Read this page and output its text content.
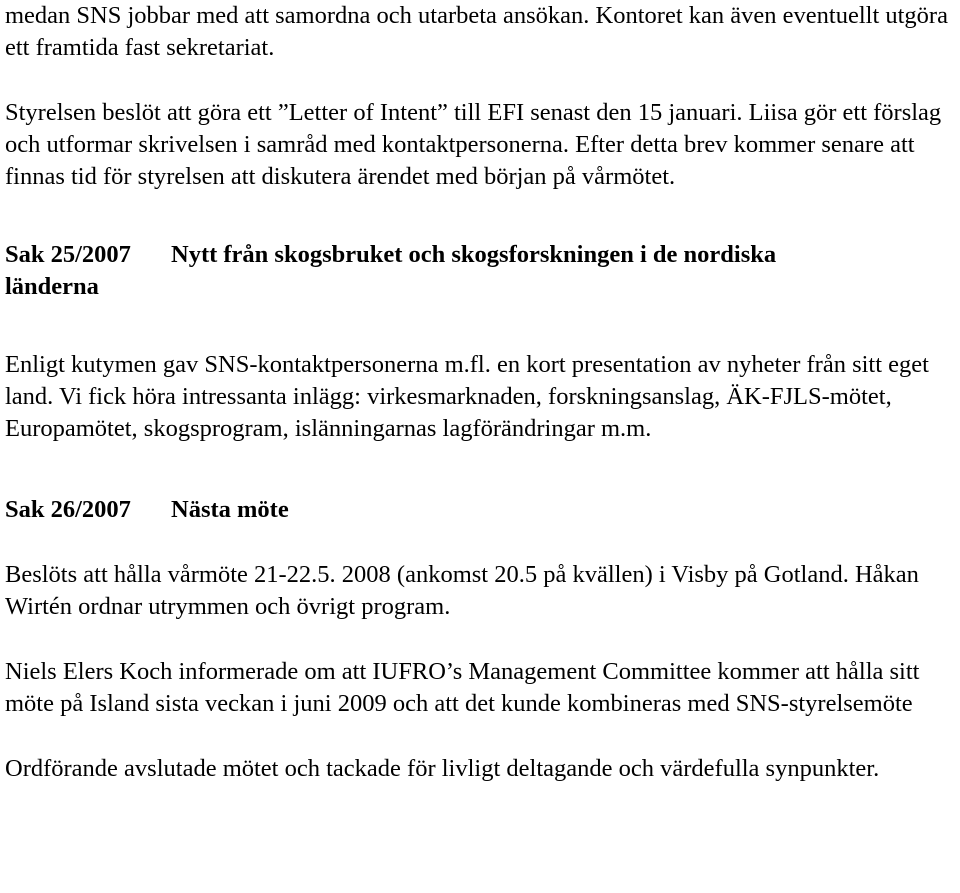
medan SNS jobbar med att samordna och utarbeta ansökan. Kontoret kan även eventuellt utgöra ett framtida fast sekretariat.

Styrelsen beslöt att göra ett ”Letter of Intent” till EFI senast den 15 januari. Liisa gör ett förslag och utformar skrivelsen i samråd med kontaktpersonerna. Efter detta brev kommer senare att finnas tid för styrelsen att diskutera ärendet med början på vårmötet.

Sak 25/2007 Nytt från skogsbruket och skogsforskningen i de nordiska
länderna

Enligt kutymen gav SNS-kontaktpersonerna m.fl. en kort presentation av nyheter från sitt eget land. Vi fick höra intressanta inlägg: virkesmarknaden, forskningsanslag, ÄK-FJLS-mötet, Europamötet, skogsprogram, islänningarnas lagförändringar m.m.

Sak 26/2007 Nästa möte

Beslöts att hålla vårmöte 21-22.5. 2008 (ankomst 20.5 på kvällen) i Visby på Gotland. Håkan Wirtén ordnar utrymmen och övrigt program.

Niels Elers Koch informerade om att IUFRO’s Management Committee kommer att hålla sitt möte på Island sista veckan i juni 2009 och att det kunde kombineras med SNS-styrelsemöte

Ordförande avslutade mötet och tackade för livligt deltagande och värdefulla synpunkter.
